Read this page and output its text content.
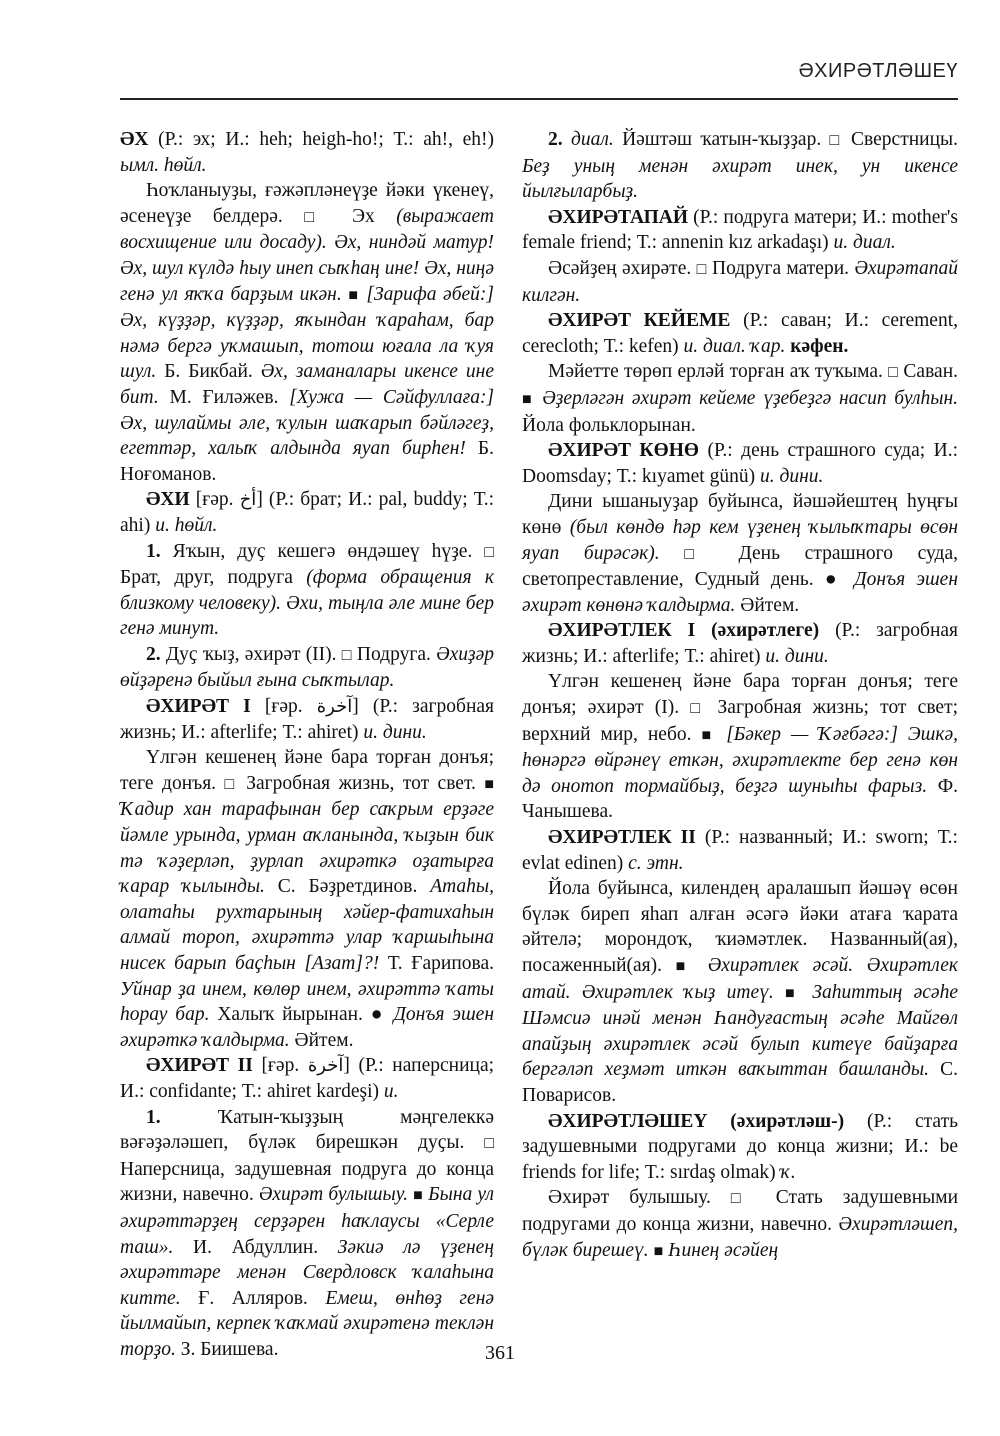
ӘХИРӘТЛӘШЕҮ

ӘХ (Р.: эх; И.: heh; heigh-ho!; Т.: ah!, eh!) ымл. һөйл.

Һоҡланыуҙы, ғәжәпләнеүҙе йәки үкенеү, әсенеүҙе белдерә. □ Эх (выражает восхищение или досаду). Әх, ниндәй матур! Әх, шул күлдә һыу инеп сыҡһаң ине! Әх, ниңә генә ул яҡҡа барҙым икән. ■ [Зарифа әбей:] Әх, күҙҙәр, күҙҙәр, яҡындан ҡараһам, бар нәмә бергә уҡмашып, тотош юғала ла ҡуя шул. Б. Бикбай. Әх, заманалары икенсе ине бит. М. Ғиләжев. [Хужа — Сәйфуллаға:] Әх, шулаймы әле, ҡулын шаҡарып бәйләгеҙ, егеттәр, халыҡ алдында яуап бирһен! Б. Ноғоманов.

ӘХИ [ғәр. أخ] (Р.: брат; И.: pal, buddy; Т.: ahi) и. һөйл.

1. Яҡын, дуҫ кешегә өндәшеү һүҙе. □ Брат, друг, подруга (форма обращения к близкому человеку). Әхи, тыңла әле мине бер генә минут.

2. Дуҫ ҡыҙ, әхирәт (II). □ Подруга. Әхиҙәр өйҙәренә быйыл ғына сыҡтылар.

ӘХИРӘТ I [ғәр. آخرة] (Р.: загробная жизнь; И.: afterlife; Т.: ahiret) и. дини.

Үлгән кешенең йәне бара торған донъя; теге донъя. □ Загробная жизнь, тот свет. ■ Ҡадир хан тарафынан бер саҡрым ерҙәге йәмле урында, урман аҡланында, ҡыҙын бик тә ҡәҙерләп, ҙурлап әхирәткә оҙатырға ҡарар ҡылынды. С. Бәҙретдинов. Атаһы, олатаһы рухтарының хәйер-фатихаһын алмай тороп, әхирәттә улар ҡаршыһына нисек барып баҫһын [Азат]?! Т. Ғарипова. Уйнар ҙа инем, көлөр инем, әхирәттә ҡаты һорау бар. Халыҡ йырынан. ● Донъя эшен әхирәткә ҡалдырма. Әйтем.

ӘХИРӘТ II [ғәр. آخرة] (Р.: наперсница; И.: confidante; Т.: ahiret kardeşi) и.

1.	Ҡатын-ҡыҙҙың мәңгелеккә вәғәҙәләшеп, бүләк бирешкән дуҫы. □ Наперсница, задушевная подруга до конца жизни, навечно. Әхирәт булышыу. ■ Бына ул әхирәттәрҙең серҙәрен һаҡлаусы «Серле таш». И. Абдуллин. Зәкиә лә үҙенең әхирәттәре менән Свердловск ҡалаһына китте. Ғ. Алляров. Емеш, өнһөҙ генә йылмайып, керпек ҡаҡмай әхирәтенә теклән торҙо. З. Биишева.

2. диал. Йәштәш ҡатын-ҡыҙҙар. □ Сверстницы. Беҙ уның менән әхирәт инек, ун икенсе йылғыларбыҙ.

ӘХИРӘТАПАЙ (Р.: подруга матери; И.: mother's female friend; Т.: annenin kız arkadaşı) и. диал.

Әсәйҙең әхирәте. □ Подруга матери. Әхирәтапай килгән.

ӘХИРӘТ КЕЙЕМЕ (Р.: саван; И.: cerement, cerecloth; Т.: kefen) и. диал. ҡар. кәфен.

Мәйетте төрөп ерләй торған аҡ туҡыма. □ Саван. ■ Әҙерләгән әхирәт кейеме үҙебеҙгә насип булһын. Йола фольклорынан.

ӘХИРӘТ КӨНӨ (Р.: день страшного суда; И.: Doomsday; Т.: kıyamet günü) и. дини.

Дини ышаныуҙар буйынса, йәшәйештең һуңғы көнө (был көндө һәр кем үҙенең ҡылыҡтары өсөн яуап бирәсәк). □ День страшного суда, светопреставление, Судный день. ● Донъя эшен әхирәт көнөнә ҡалдырма. Әйтем.

ӘХИРӘТЛЕК I (әхирәтлеге) (Р.: загробная жизнь; И.: afterlife; Т.: ahiret) и. дини.

Үлгән кешенең йәне бара торған донъя; теге донъя; әхирәт (I). □ Загробная жизнь; тот свет; верхний мир, небо. ■ [Бәкер — Ҡәғбәгә:] Эшкә, һөнәргә өйрәнеү еткән, әхирәтлекте бер генә көн дә онотоп тормайбыҙ, беҙгә шуныһы фарыз. Ф. Чанышева.

ӘХИРӘТЛЕК II (Р.: названный; И.: sworn; Т.: evlat edinen) с. этн.

Йола буйынса, килендең аралашып йәшәү өсөн бүләк биреп яһап алған әсәгә йәки атаға ҡарата әйтелә; морондоҡ, ҡиәмәтлек. Названный(ая), посаженный(ая). ■ Әхирәтлек әсәй. Әхирәтлек атай. Әхирәтлек ҡыҙ итеү. ■ Заһиттың әсәһе Шәмсиә инәй менән Һандуғастың әсәһе Майгөл апайҙың әхирәтлек әсәй булып китеүе байҙарға бергәләп хеҙмәт иткән ваҡыттан башланды. С. Поварисов.

ӘХИРӘТЛӘШЕҮ (әхирәтләш-) (Р.: стать задушевными подругами до конца жизни; И.: be friends for life; Т.: sırdaş olmak) ҡ.

Әхирәт булышыу. □ Стать задушевными подругами до конца жизни, навечно. Әхирәтләшеп, бүләк бирешеү. ■ Һинең әсәйең

361
